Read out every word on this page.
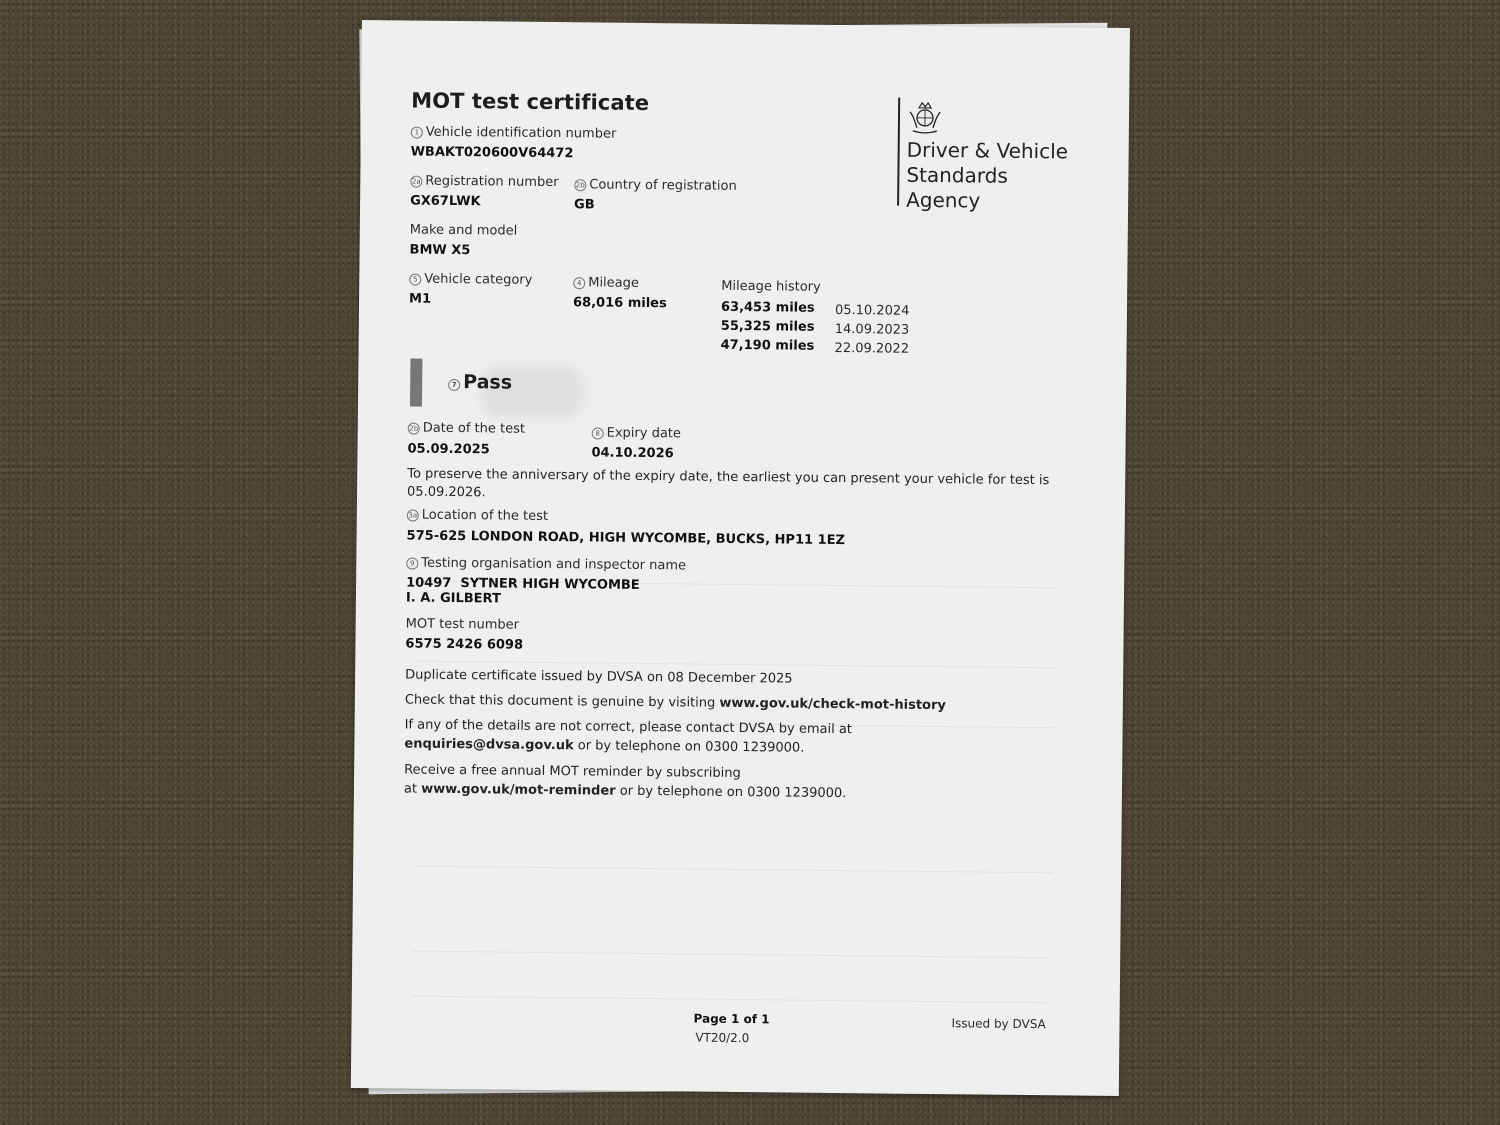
MOT test certificate
1 Vehicle identification number
WBAKT020600V64472
2a Registration number
GX67LWK
2b Country of registration
GB
Make and model
BMW X5
5 Vehicle category
M1
4 Mileage
68,016 miles
Mileage history
63,453 miles 05.10.2024
55,325 miles 14.09.2023
47,190 miles 22.09.2022
7 Pass
2b Date of the test
05.09.2025
8 Expiry date
04.10.2026
To preserve the anniversary of the expiry date, the earliest you can present your vehicle for test is
05.09.2026.
3a Location of the test
575-625 LONDON ROAD, HIGH WYCOMBE, BUCKS, HP11 1EZ
9 Testing organisation and inspector name
10497  SYTNER HIGH WYCOMBE
I. A. GILBERT
MOT test number
6575 2426 6098
Duplicate certificate issued by DVSA on 08 December 2025
Check that this document is genuine by visiting www.gov.uk/check-mot-history
If any of the details are not correct, please contact DVSA by email at
enquiries@dvsa.gov.uk or by telephone on 0300 1239000.
Receive a free annual MOT reminder by subscribing
at www.gov.uk/mot-reminder or by telephone on 0300 1239000.
Driver & Vehicle Standards Agency
Page 1 of 1
VT20/2.0
Issued by DVSA
